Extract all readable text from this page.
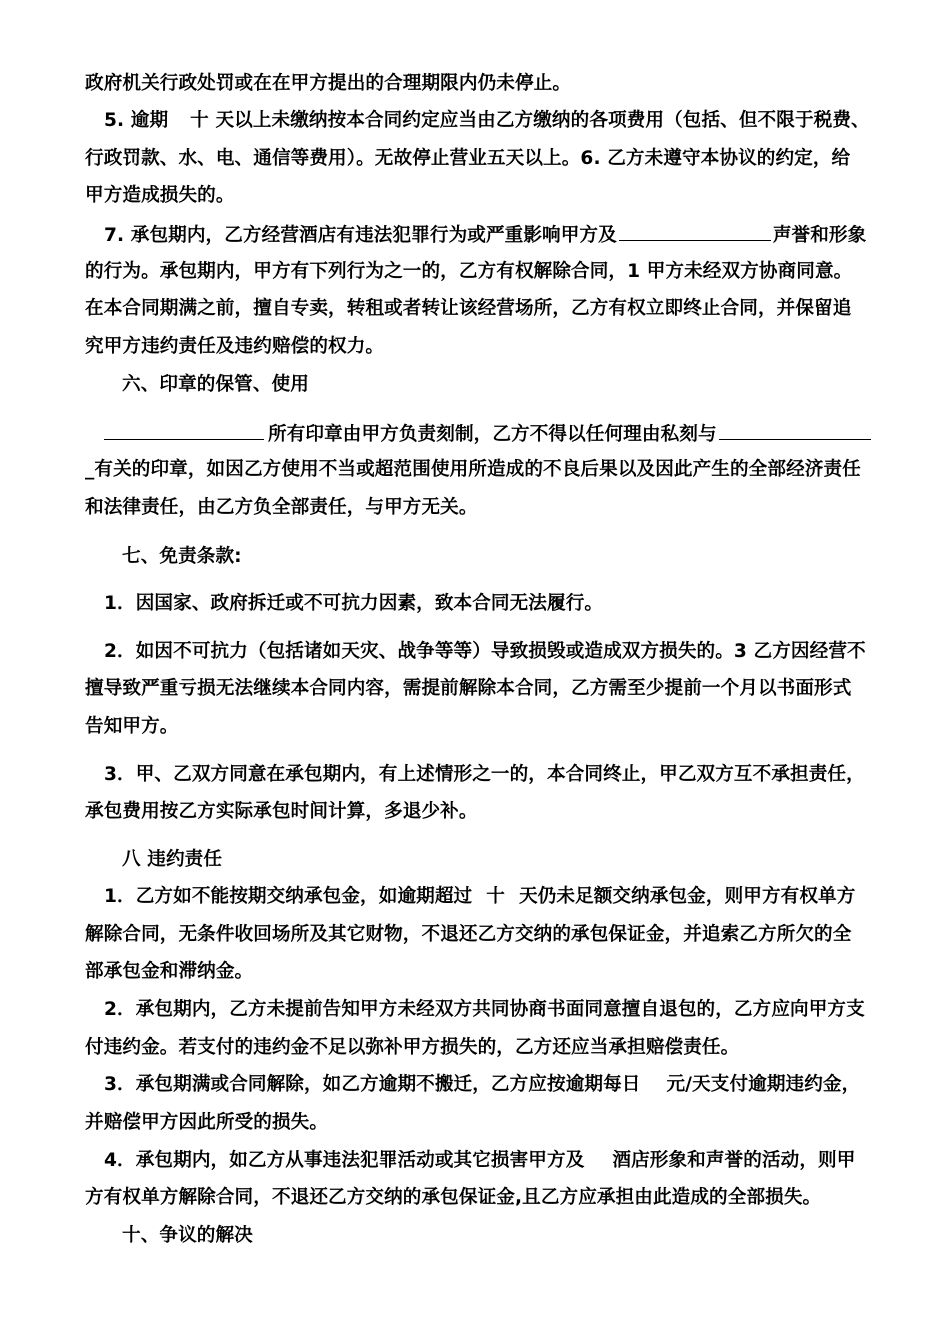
政府机关行政处罚或在在甲方提出的合理期限内仍未停止。
5. 逾期 十 天以上未缴纳按本合同约定应当由乙方缴纳的各项费用（包括、但不限于税费、
行政罚款、水、电、通信等费用）。无故停止营业五天以上。6. 乙方未遵守本协议的约定，给
甲方造成损失的。
7. 承包期内，乙方经营酒店有违法犯罪行为或严重影响甲方及	声誉和形象
的行为。承包期内，甲方有下列行为之一的，乙方有权解除合同，1 甲方未经双方协商同意。
在本合同期满之前，擅自专卖，转租或者转让该经营场所，乙方有权立即终止合同，并保留追
究甲方违约责任及违约赔偿的权力。
六、印章的保管、使用
所有印章由甲方负责刻制，乙方不得以任何理由私刻与
_有关的印章，如因乙方使用不当或超范围使用所造成的不良后果以及因此产生的全部经济责任
和法律责任，由乙方负全部责任，与甲方无关。
七、免责条款:
1．因国家、政府拆迁或不可抗力因素，致本合同无法履行。
2．如因不可抗力（包括诸如天灾、战争等等）导致损毁或造成双方损失的。3 乙方因经营不
擅导致严重亏损无法继续本合同内容，需提前解除本合同，乙方需至少提前一个月以书面形式
告知甲方。
3．甲、乙双方同意在承包期内，有上述情形之一的，本合同终止，甲乙双方互不承担责任，
承包费用按乙方实际承包时间计算，多退少补。
八 违约责任
1．乙方如不能按期交纳承包金，如逾期超过 十 天仍未足额交纳承包金，则甲方有权单方
解除合同，无条件收回场所及其它财物，不退还乙方交纳的承包保证金，并追索乙方所欠的全
部承包金和滞纳金。
2．承包期内，乙方未提前告知甲方未经双方共同协商书面同意擅自退包的，乙方应向甲方支
付违约金。若支付的违约金不足以弥补甲方损失的，乙方还应当承担赔偿责任。
3．承包期满或合同解除，如乙方逾期不搬迁，乙方应按逾期每日 元/天支付逾期违约金，
并赔偿甲方因此所受的损失。
4．承包期内，如乙方从事违法犯罪活动或其它损害甲方及 酒店形象和声誉的活动，则甲
方有权单方解除合同，不退还乙方交纳的承包保证金,且乙方应承担由此造成的全部损失。
十、争议的解决
